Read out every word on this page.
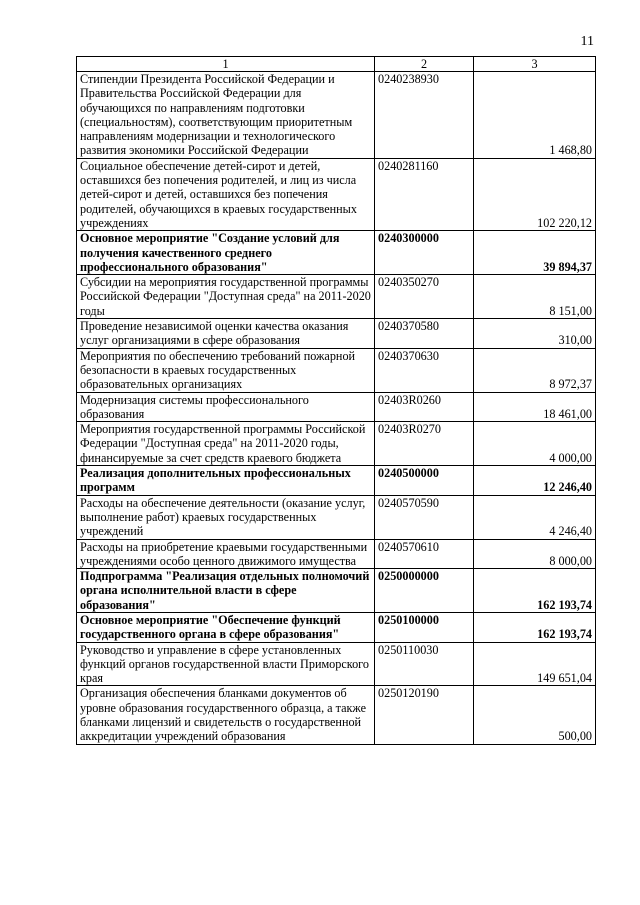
11
1	2	3
Стипендии Президента Российской Федерации и Правительства Российской Федерации для обучающихся по направлениям подготовки (специальностям), соответствующим приоритетным направлениям модернизации и технологического развития экономики Российской Федерации	0240238930	1 468,80
Социальное обеспечение детей-сирот и детей, оставшихся без попечения родителей, и лиц из числа детей-сирот и детей, оставшихся без попечения родителей, обучающихся в краевых государственных учреждениях	0240281160	102 220,12
Основное мероприятие "Создание условий для получения качественного среднего профессионального образования"	0240300000	39 894,37
Субсидии на мероприятия государственной программы Российской Федерации "Доступная среда" на 2011-2020 годы	0240350270	8 151,00
Проведение независимой оценки качества оказания услуг организациями в сфере образования	0240370580	310,00
Мероприятия по обеспечению требований пожарной безопасности в краевых государственных образовательных организациях	0240370630	8 972,37
Модернизация системы профессионального образования	02403R0260	18 461,00
Мероприятия государственной программы Российской Федерации "Доступная среда" на 2011-2020 годы, финансируемые за счет средств краевого бюджета	02403R0270	4 000,00
Реализация дополнительных профессиональных программ	0240500000	12 246,40
Расходы на обеспечение деятельности (оказание услуг, выполнение работ) краевых государственных учреждений	0240570590	4 246,40
Расходы на приобретение краевыми государственными учреждениями особо ценного движимого имущества	0240570610	8 000,00
Подпрограмма "Реализация отдельных полномочий органа исполнительной власти в сфере образования"	0250000000	162 193,74
Основное мероприятие "Обеспечение функций государственного органа в сфере образования"	0250100000	162 193,74
Руководство и управление в сфере установленных функций органов государственной власти Приморского края	0250110030	149 651,04
Организация обеспечения бланками документов об уровне образования государственного образца, а также бланками лицензий и свидетельств о государственной аккредитации учреждений образования	0250120190	500,00
